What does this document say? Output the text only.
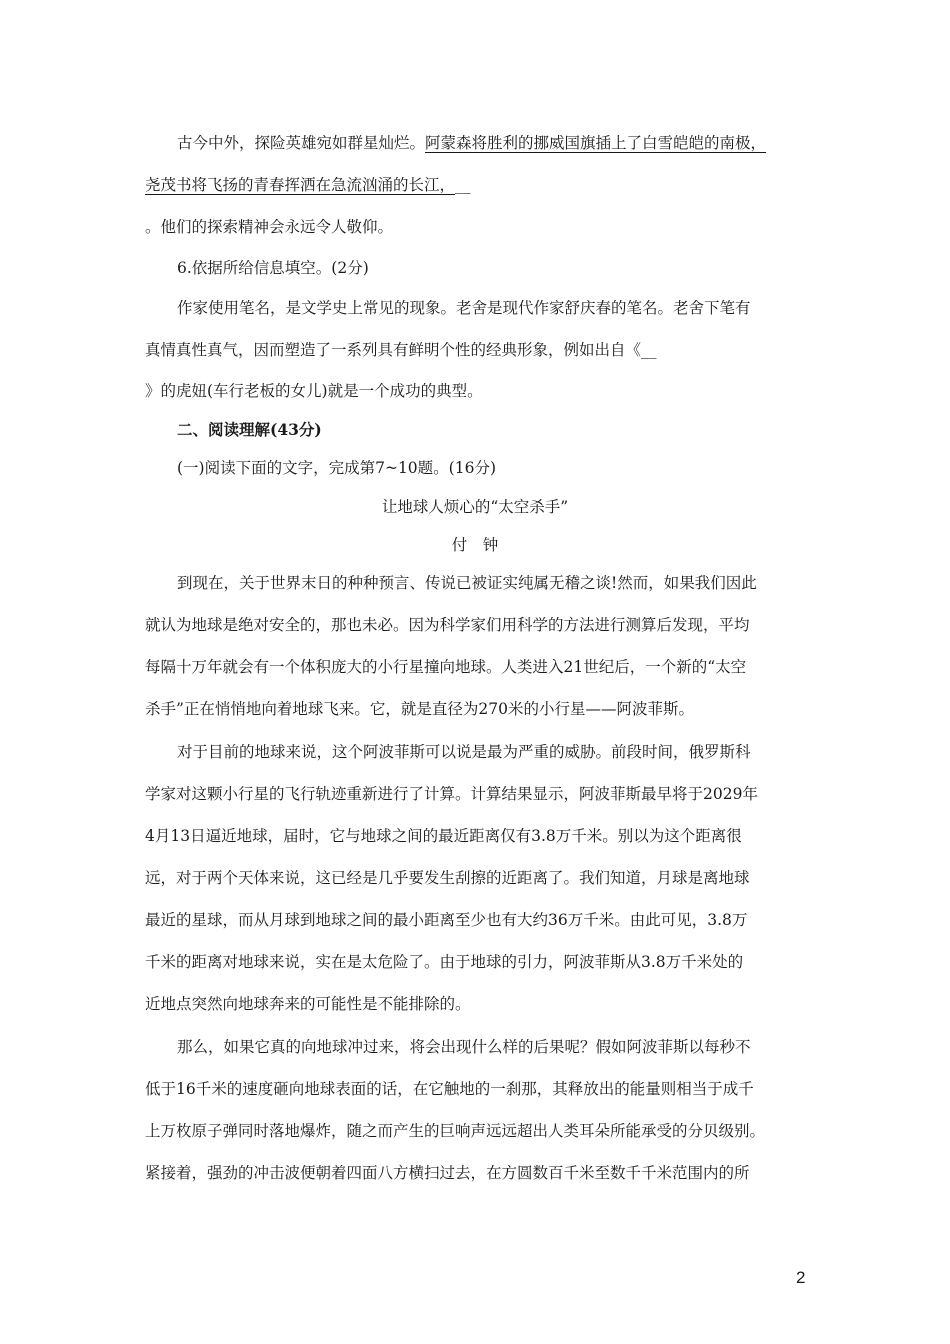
古今中外，探险英雄宛如群星灿烂。阿蒙森将胜利的挪威国旗插上了白雪皑皑的南极，
尧茂书将飞扬的青春挥洒在急流汹涌的长江，__
。他们的探索精神会永远令人敬仰。
6.依据所给信息填空。(2分)
作家使用笔名，是文学史上常见的现象。老舍是现代作家舒庆春的笔名。老舍下笔有
真情真性真气，因而塑造了一系列具有鲜明个性的经典形象，例如出自《__
》的虎妞(车行老板的女儿)就是一个成功的典型。
二、阅读理解(43分)
(一)阅读下面的文字，完成第7~10题。(16分)
让地球人烦心的“太空杀手”
付　钟
到现在，关于世界末日的种种预言、传说已被证实纯属无稽之谈!然而，如果我们因此
就认为地球是绝对安全的，那也未必。因为科学家们用科学的方法进行测算后发现，平均
每隔十万年就会有一个体积庞大的小行星撞向地球。人类进入21世纪后，一个新的“太空
杀手”正在悄悄地向着地球飞来。它，就是直径为270米的小行星——阿波菲斯。
对于目前的地球来说，这个阿波菲斯可以说是最为严重的威胁。前段时间，俄罗斯科
学家对这颗小行星的飞行轨迹重新进行了计算。计算结果显示，阿波菲斯最早将于2029年
4月13日逼近地球，届时，它与地球之间的最近距离仅有3.8万千米。别以为这个距离很
远，对于两个天体来说，这已经是几乎要发生刮擦的近距离了。我们知道，月球是离地球
最近的星球，而从月球到地球之间的最小距离至少也有大约36万千米。由此可见，3.8万
千米的距离对地球来说，实在是太危险了。由于地球的引力，阿波菲斯从3.8万千米处的
近地点突然向地球奔来的可能性是不能排除的。
那么，如果它真的向地球冲过来，将会出现什么样的后果呢？假如阿波菲斯以每秒不
低于16千米的速度砸向地球表面的话，在它触地的一刹那，其释放出的能量则相当于成千
上万枚原子弹同时落地爆炸，随之而产生的巨响声远远超出人类耳朵所能承受的分贝级别。
紧接着，强劲的冲击波便朝着四面八方横扫过去，在方圆数百千米至数千千米范围内的所
2
